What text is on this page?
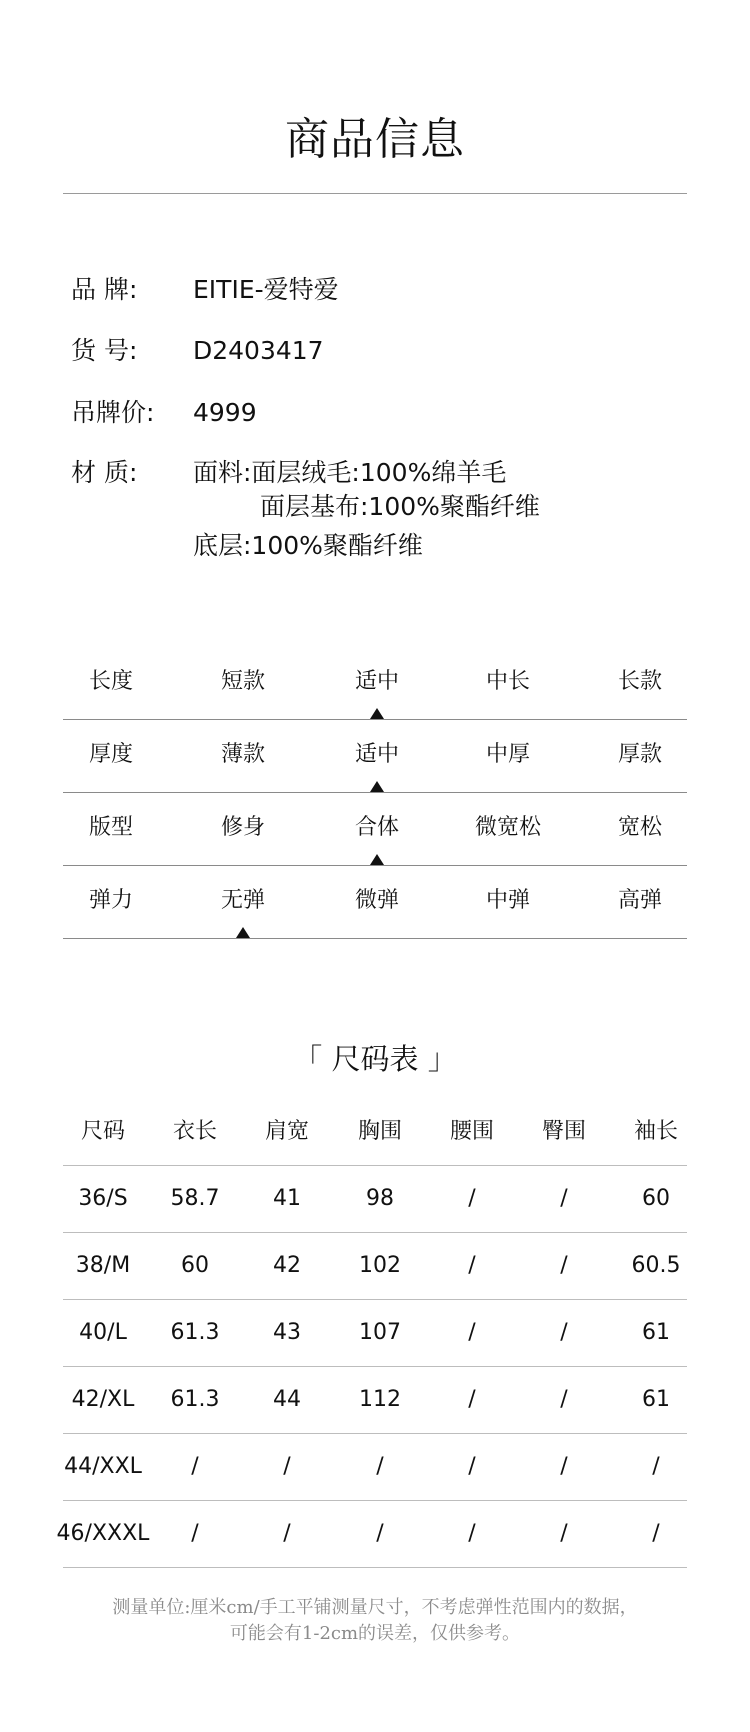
商品信息
品 牌: EITIE-爱特爱
货 号: D2403417
吊牌价: 4999
材 质: 面料:面层绒毛:100%绵羊毛
面层基布:100%聚酯纤维
底层:100%聚酯纤维
长度	短款	适中	中长	长款
厚度	薄款	适中	中厚	厚款
版型	修身	合体	微宽松	宽松
弹力	无弹	微弹	中弹	高弹
「 尺码表 」
尺码	衣长	肩宽	胸围	腰围	臀围	袖长
36/S	58.7	41	98	/	/	60
38/M	60	42	102	/	/	60.5
40/L	61.3	43	107	/	/	61
42/XL	61.3	44	112	/	/	61
44/XXL	/	/	/	/	/	/
46/XXXL	/	/	/	/	/	/
测量单位:厘米cm/手工平铺测量尺寸，不考虑弹性范围内的数据，
可能会有1-2cm的误差，仅供参考。
